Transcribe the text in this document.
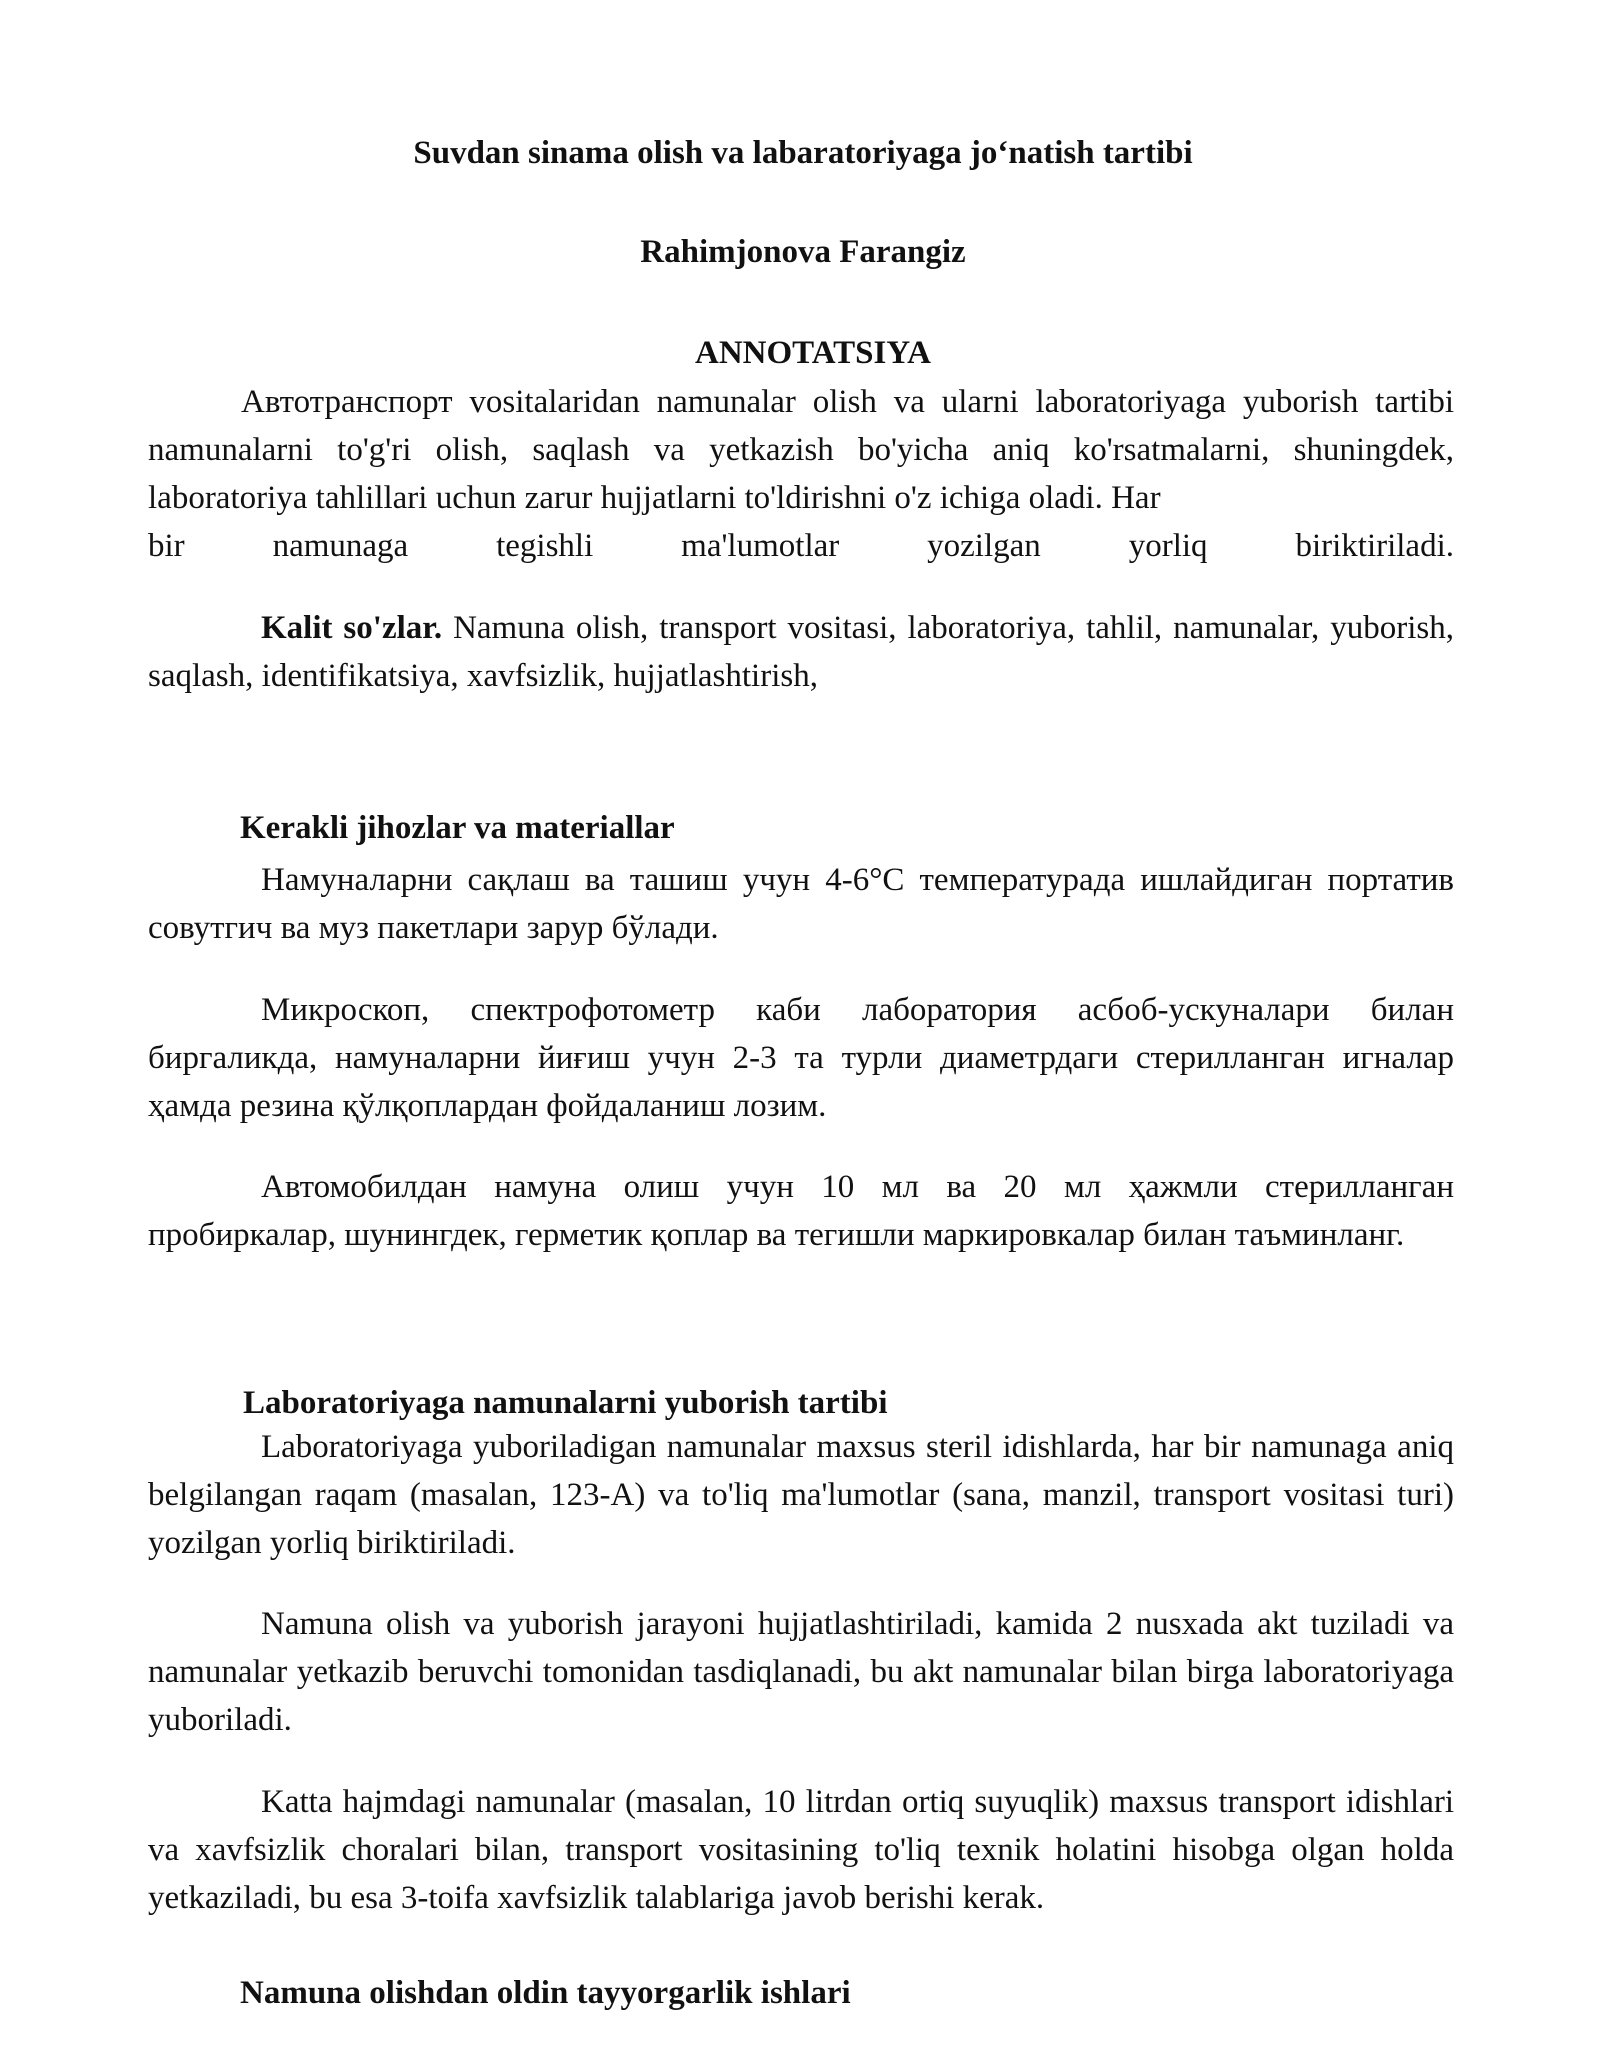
Suvdan sinama olish va labaratoriyaga jo‘natish tartibi
Rahimjonova Farangiz
ANNOTATSIYA

Автотранспорт vositalaridan namunalar olish va ularni laboratoriyaga yuborish tartibi namunalarni to'g'ri olish, saqlash va yetkazish bo'yicha aniq ko'rsatmalarni, shuningdek, laboratoriya tahlillari uchun zarur hujjatlarni to'ldirishni o'z ichiga oladi. Har

bir namunaga tegishli ma'lumotlar yozilgan yorliq biriktiriladi.

Kalit so'zlar. Namuna olish, transport vositasi, laboratoriya, tahlil, namunalar, yuborish, saqlash, identifikatsiya, xavfsizlik, hujjatlashtirish,

Kerakli jihozlar va materiallar

Намуналарни сақлаш ва ташиш учун 4-6°C температурада ишлайдиган портатив совутгич ва муз пакетлари зарур бўлади.

Микроскоп, спектрофотометр каби лаборатория асбоб-ускуналари билан биргаликда, намуналарни йиғиш учун 2-3 та турли диаметрдаги стерилланган игналар ҳамда резина қўлқоплардан фойдаланиш лозим.

Автомобилдан намуна олиш учун 10 мл ва 20 мл ҳажмли стерилланган пробиркалар, шунингдек, герметик қоплар ва тегишли маркировкалар билан таъминланг.

Laboratoriyaga namunalarni yuborish tartibi

Laboratoriyaga yuboriladigan namunalar maxsus steril idishlarda, har bir namunaga aniq belgilangan raqam (masalan, 123-A) va to'liq ma'lumotlar (sana, manzil, transport vositasi turi) yozilgan yorliq biriktiriladi.

Namuna olish va yuborish jarayoni hujjatlashtiriladi, kamida 2 nusxada akt tuziladi va namunalar yetkazib beruvchi tomonidan tasdiqlanadi, bu akt namunalar bilan birga laboratoriyaga yuboriladi.

Katta hajmdagi namunalar (masalan, 10 litrdan ortiq suyuqlik) maxsus transport idishlari va xavfsizlik choralari bilan, transport vositasining to'liq texnik holatini hisobga olgan holda yetkaziladi, bu esa 3-toifa xavfsizlik talablariga javob berishi kerak.

Namuna olishdan oldin tayyorgarlik ishlari
